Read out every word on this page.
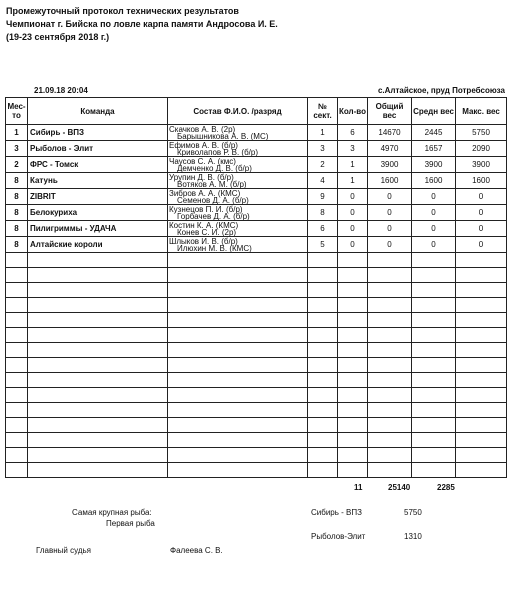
Промежуточный протокол технических результатов
Чемпионат г. Бийска по ловле карпа памяти Андросова И. Е.
(19-23 сентября 2018 г.)
21.09.18 20:04	с.Алтайское, пруд Потребсоюза
Мес-то	Команда	Состав Ф.И.О. /разряд	№ сект.	Кол-во	Общий вес	Средн вес	Макс. вес
1	Сибирь - ВПЗ	Скачков А. В. (2р)
Барышникова А. В. (МС)	1	6	14670	2445	5750
3	Рыболов - Элит	Ефимов А. В. (б/р)
Криволапов Р. В. (б/р)	3	3	4970	1657	2090
2	ФРС - Томск	Чаусов С. А. (кмс)
Демченко Д. В. (б/р)	2	1	3900	3900	3900
8	Катунь	Урупин Д. В. (б/р)
Вотяков А. М. (б/р)	4	1	1600	1600	1600
8	ZIBRIT	Зибров А. А. (КМС)
Семенов Д. А. (б/р)	9	0	0	0	0
8	Белокуриха	Кузнецов П. И. (б/р)
Горбачев Д. А. (б/р)	8	0	0	0	0
8	Пилигриммы - УДАЧА	Костин К. А. (КМС)
Конев С. И. (2р)	6	0	0	0	0
8	Алтайские короли	Шлыков И. В. (б/р)
Илюхин М. В. (КМС)	5	0	0	0	0

11	25140	2285
Самая крупная рыба:
Первая рыба
Сибирь - ВПЗ	5750
Рыболов-Элит	1310
Главный судья	Фалеева С. В.
